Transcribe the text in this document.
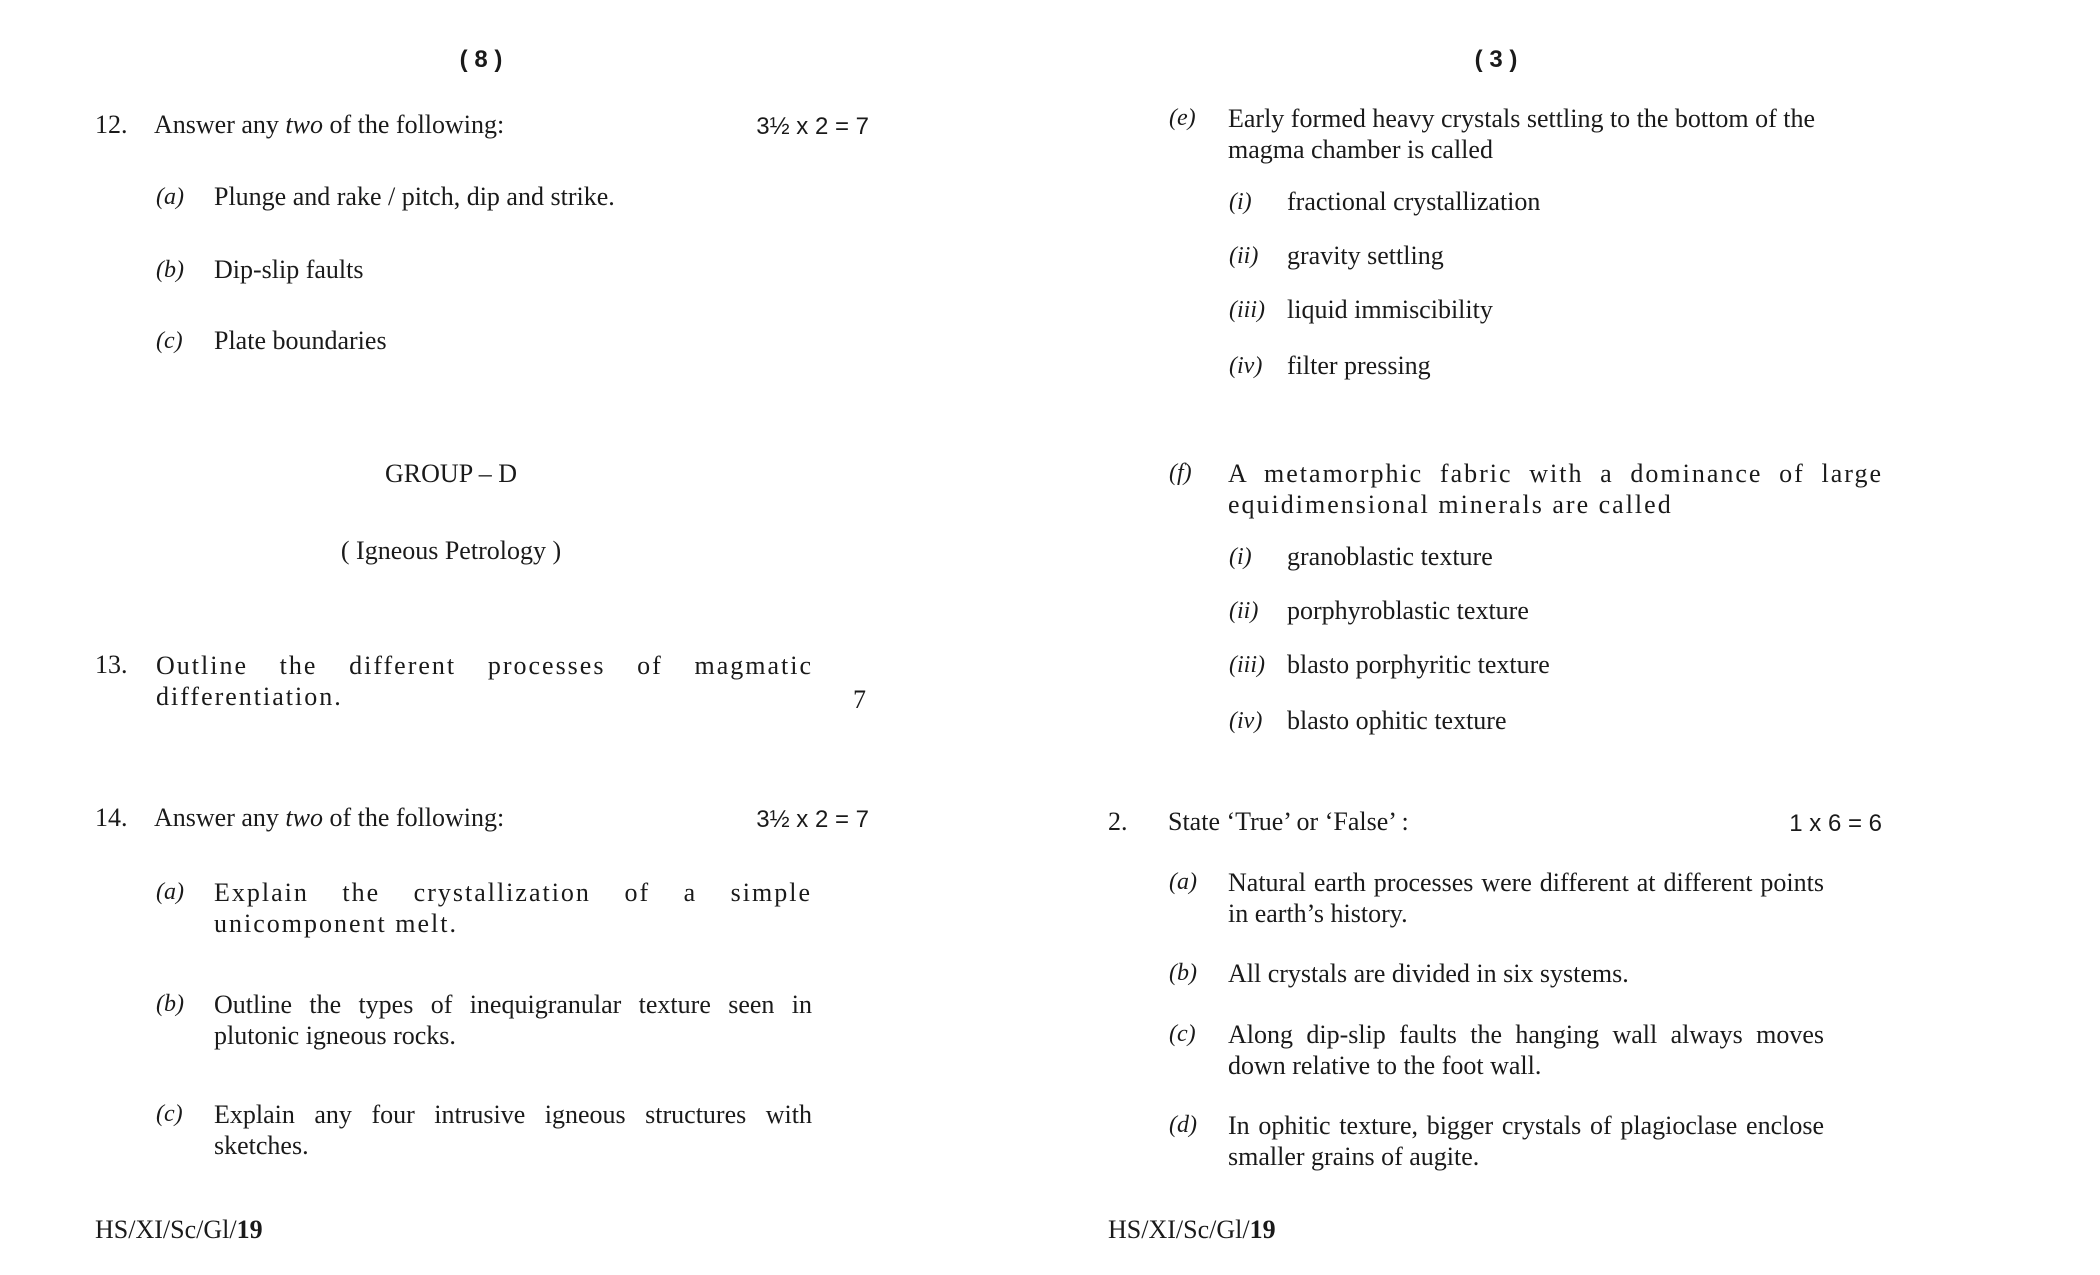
( 8 )
12. Answer any two of the following:	3½ x 2 = 7
(a) Plunge and rake / pitch, dip and strike.
(b) Dip-slip faults
(c) Plate boundaries
GROUP – D
( Igneous Petrology )
13. Outline the different processes of magmatic differentiation.	7
14. Answer any two of the following:	3½ x 2 = 7
(a) Explain the crystallization of a simple unicomponent melt.
(b) Outline the types of inequigranular texture seen in plutonic igneous rocks.
(c) Explain any four intrusive igneous structures with sketches.
HS/XI/Sc/Gl/19
( 3 )
(e) Early formed heavy crystals settling to the bottom of the magma chamber is called
(i) fractional crystallization
(ii) gravity settling
(iii) liquid immiscibility
(iv) filter pressing
(f) A metamorphic fabric with a dominance of large equidimensional minerals are called
(i) granoblastic texture
(ii) porphyroblastic texture
(iii) blasto porphyritic texture
(iv) blasto ophitic texture
2. State ‘True’ or ‘False’ :	1 x 6 = 6
(a) Natural earth processes were different at different points in earth’s history.
(b) All crystals are divided in six systems.
(c) Along dip-slip faults the hanging wall always moves down relative to the foot wall.
(d) In ophitic texture, bigger crystals of plagioclase enclose smaller grains of augite.
HS/XI/Sc/Gl/19
